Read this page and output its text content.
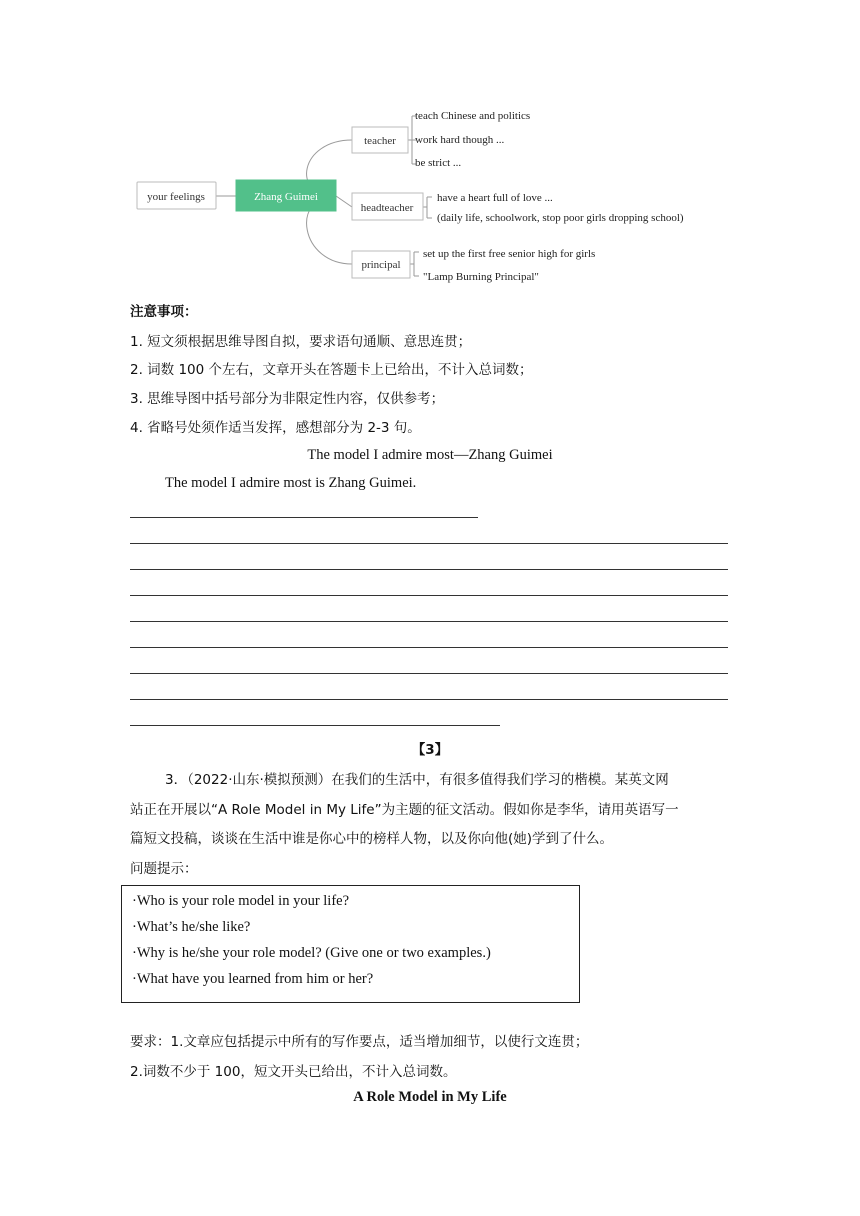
your feelings	Zhang Guimei
teacher
headteacher
principal
teach Chinese and politics
work hard though ...
be strict ...
have a heart full of love ...
(daily life, schoolwork, stop poor girls dropping school)
set up the first free senior high for girls
"Lamp Burning Principal"
注意事项：
1. 短文须根据思维导图自拟，要求语句通顺、意思连贯；
2. 词数 100 个左右，文章开头在答题卡上已给出，不计入总词数；
3. 思维导图中括号部分为非限定性内容，仅供参考；
4. 省略号处须作适当发挥，感想部分为 2-3 句。
The model I admire most—Zhang Guimei
The model I admire most is Zhang Guimei.
【3】
3．（2022·山东·模拟预测）在我们的生活中，有很多值得我们学习的楷模。某英文网
站正在开展以“A Role Model in My Life”为主题的征文活动。假如你是李华，请用英语写一
篇短文投稿，谈谈在生活中谁是你心中的榜样人物，以及你向他(她)学到了什么。
问题提示：
·Who is your role model in your life?
·What’s he/she like?
·Why is he/she your role model? (Give one or two examples.)
·What have you learned from him or her?
要求：1.文章应包括提示中所有的写作要点，适当增加细节，以使行文连贯；
2.词数不少于 100，短文开头已给出，不计入总词数。
A Role Model in My Life
